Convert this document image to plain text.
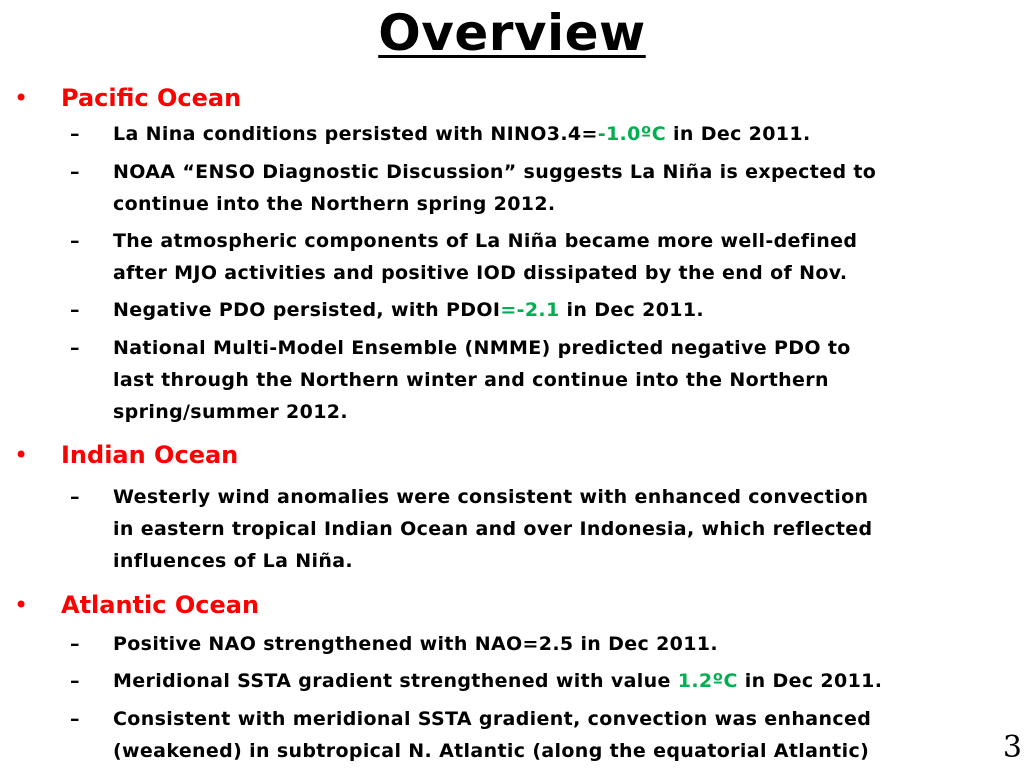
Overview
• Pacific Ocean
– La Nina conditions persisted with NINO3.4=-1.0ºC in Dec 2011.
– NOAA “ENSO Diagnostic Discussion” suggests La Niña is expected to
continue into the Northern spring 2012.
– The atmospheric components of La Niña became more well-defined
after MJO activities and positive IOD dissipated by the end of Nov.
– Negative PDO persisted, with PDOI=-2.1 in Dec 2011.
– National Multi-Model Ensemble (NMME) predicted negative PDO to
last through the Northern winter and continue into the Northern
spring/summer 2012.
• Indian Ocean
– Westerly wind anomalies were consistent with enhanced convection
in eastern tropical Indian Ocean and over Indonesia, which reflected
influences of La Niña.
• Atlantic Ocean
– Positive NAO strengthened with NAO=2.5 in Dec 2011.
– Meridional SSTA gradient strengthened with value 1.2ºC in Dec 2011.
– Consistent with meridional SSTA gradient, convection was enhanced
(weakened) in subtropical N. Atlantic (along the equatorial Atlantic)	3
